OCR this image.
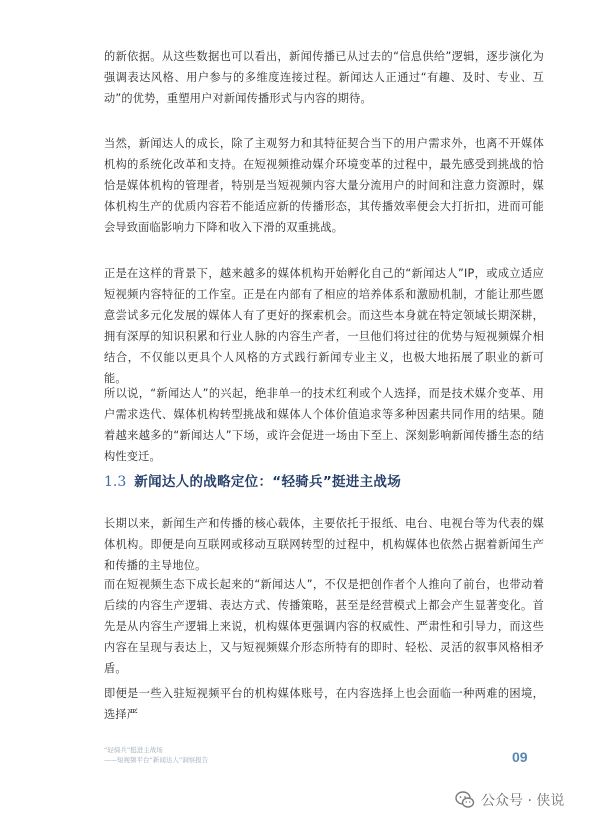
的新依据。从这些数据也可以看出，新闻传播已从过去的“信息供给”逻辑，逐步演化为强调表达风格、用户参与的多维度连接过程。新闻达人正通过“有趣、及时、专业、互动”的优势，重塑用户对新闻传播形式与内容的期待。

当然，新闻达人的成长，除了主观努力和其特征契合当下的用户需求外，也离不开媒体机构的系统化改革和支持。在短视频推动媒介环境变革的过程中，最先感受到挑战的恰恰是媒体机构的管理者，特别是当短视频内容大量分流用户的时间和注意力资源时，媒体机构生产的优质内容若不能适应新的传播形态，其传播效率便会大打折扣，进而可能会导致面临影响力下降和收入下滑的双重挑战。

正是在这样的背景下，越来越多的媒体机构开始孵化自己的“新闻达人”IP，或成立适应短视频内容特征的工作室。正是在内部有了相应的培养体系和激励机制，才能让那些愿意尝试多元化发展的媒体人有了更好的探索机会。而这些本身就在特定领域长期深耕，拥有深厚的知识积累和行业人脉的内容生产者，一旦他们将过往的优势与短视频媒介相结合，不仅能以更具个人风格的方式践行新闻专业主义，也极大地拓展了职业的新可能。

所以说，“新闻达人”的兴起，绝非单一的技术红利或个人选择，而是技术媒介变革、用户需求迭代、媒体机构转型挑战和媒体人个体价值追求等多种因素共同作用的结果。随着越来越多的“新闻达人”下场，或许会促进一场由下至上、深刻影响新闻传播生态的结构性变迁。

1.3 新闻达人的战略定位：“轻骑兵”挺进主战场

长期以来，新闻生产和传播的核心载体，主要依托于报纸、电台、电视台等为代表的媒体机构。即便是向互联网或移动互联网转型的过程中，机构媒体也依然占据着新闻生产和传播的主导地位。

而在短视频生态下成长起来的“新闻达人”，不仅是把创作者个人推向了前台，也带动着后续的内容生产逻辑、表达方式、传播策略，甚至是经营模式上都会产生显著变化。首先是从内容生产逻辑上来说，机构媒体更强调内容的权威性、严肃性和引导力，而这些内容在呈现与表达上，又与短视频媒介形态所特有的即时、轻松、灵活的叙事风格相矛盾。

即便是一些入驻短视频平台的机构媒体账号，在内容选择上也会面临一种两难的困境，选择严

“轻骑兵”挺进主战场
——短视频平台“新闻达人”洞察报告	09
公众号 · 侠说
